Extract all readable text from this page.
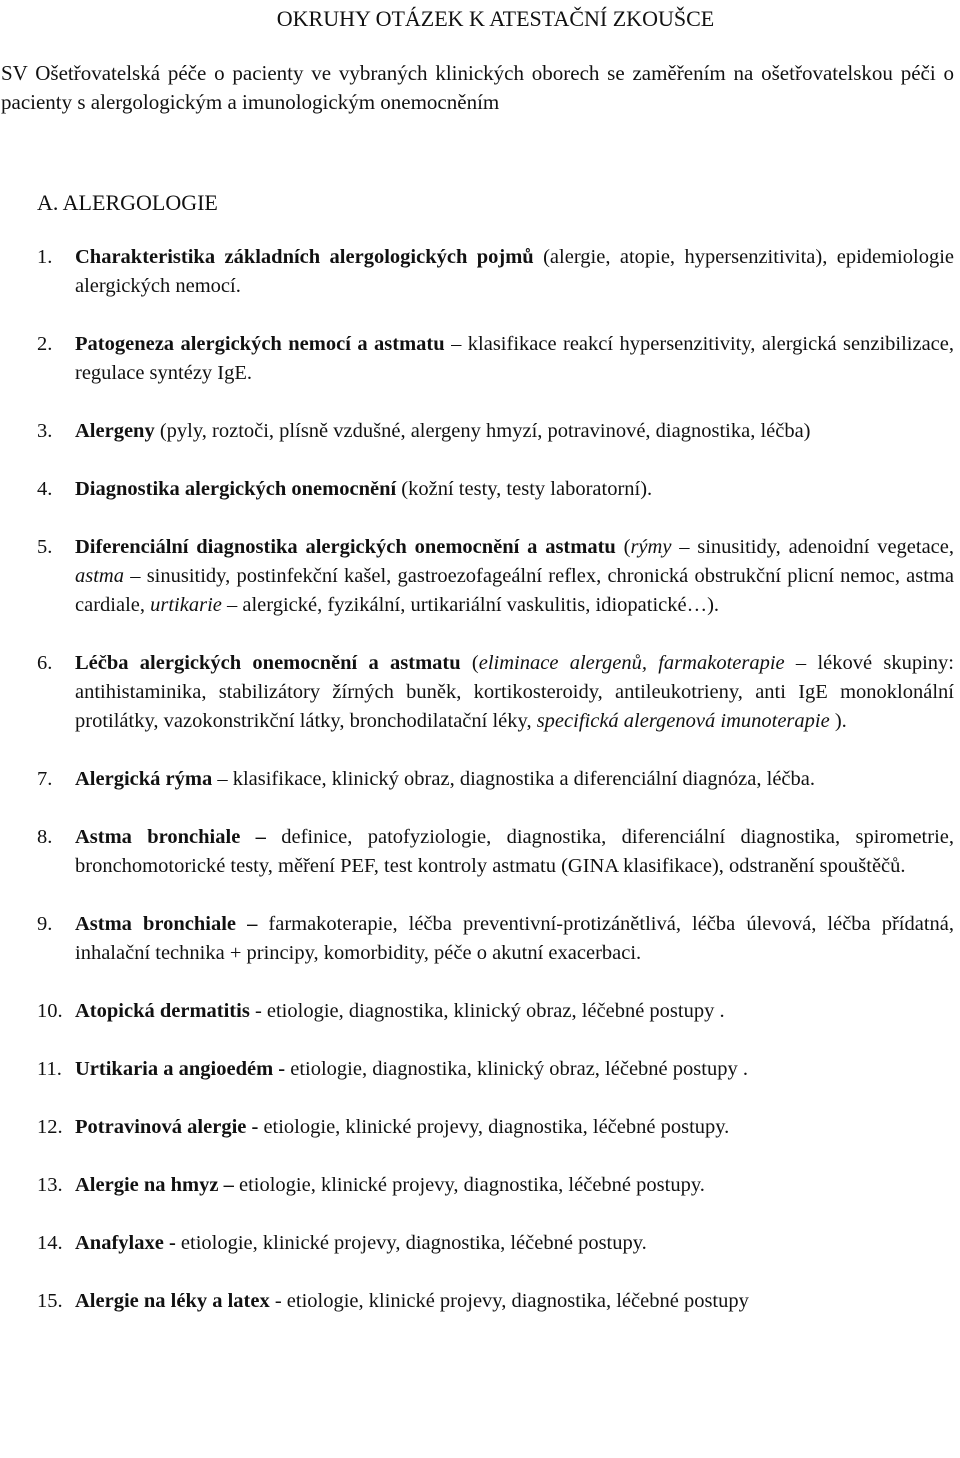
OKRUHY OTÁZEK K ATESTAČNÍ ZKOUŠCE
SV Ošetřovatelská péče o pacienty ve vybraných klinických oborech se zaměřením na ošetřovatelskou péči o pacienty s alergologickým a imunologickým onemocněním
A. ALERGOLOGIE
1.	Charakteristika základních alergologických pojmů (alergie, atopie, hypersenzitivita), epidemiologie alergických nemocí.
2.	Patogeneza alergických nemocí a astmatu – klasifikace reakcí hypersenzitivity, alergická senzibilizace, regulace syntézy IgE.
3.	Alergeny (pyly, roztoči, plísně vzdušné, alergeny hmyzí, potravinové, diagnostika, léčba)
4.	Diagnostika alergických onemocnění (kožní testy, testy laboratorní).
5.	Diferenciální diagnostika alergických onemocnění a astmatu (rýmy – sinusitidy, adenoidní vegetace, astma – sinusitidy, postinfekční kašel, gastroezofageální reflex, chronická obstrukční plicní nemoc, astma cardiale, urtikarie – alergické, fyzikální, urtikariální vaskulitis, idiopatické…).
6.	Léčba alergických onemocnění a astmatu (eliminace alergenů, farmakoterapie – lékové skupiny: antihistaminika, stabilizátory žírných buněk, kortikosteroidy, antileukotrieny, anti IgE monoklonální protilátky, vazokonstrikční látky, bronchodilatační léky, specifická alergenová imunoterapie ).
7.	Alergická rýma – klasifikace, klinický obraz, diagnostika a diferenciální diagnóza, léčba.
8.	Astma bronchiale – definice, patofyziologie, diagnostika, diferenciální diagnostika, spirometrie, bronchomotorické testy, měření PEF, test kontroly astmatu (GINA klasifikace), odstranění spouštěčů.
9.	Astma bronchiale – farmakoterapie, léčba preventivní-protizánětlivá, léčba úlevová, léčba přídatná, inhalační technika + principy, komorbidity, péče o akutní exacerbaci.
10. Atopická dermatitis - etiologie, diagnostika, klinický obraz, léčebné postupy .
11. Urtikaria a angioedém - etiologie, diagnostika, klinický obraz, léčebné postupy .
12. Potravinová alergie - etiologie, klinické projevy, diagnostika, léčebné postupy.
13. Alergie na hmyz – etiologie, klinické projevy, diagnostika, léčebné postupy.
14. Anafylaxe - etiologie, klinické projevy, diagnostika, léčebné postupy.
15. Alergie na léky a latex - etiologie, klinické projevy, diagnostika, léčebné postupy
